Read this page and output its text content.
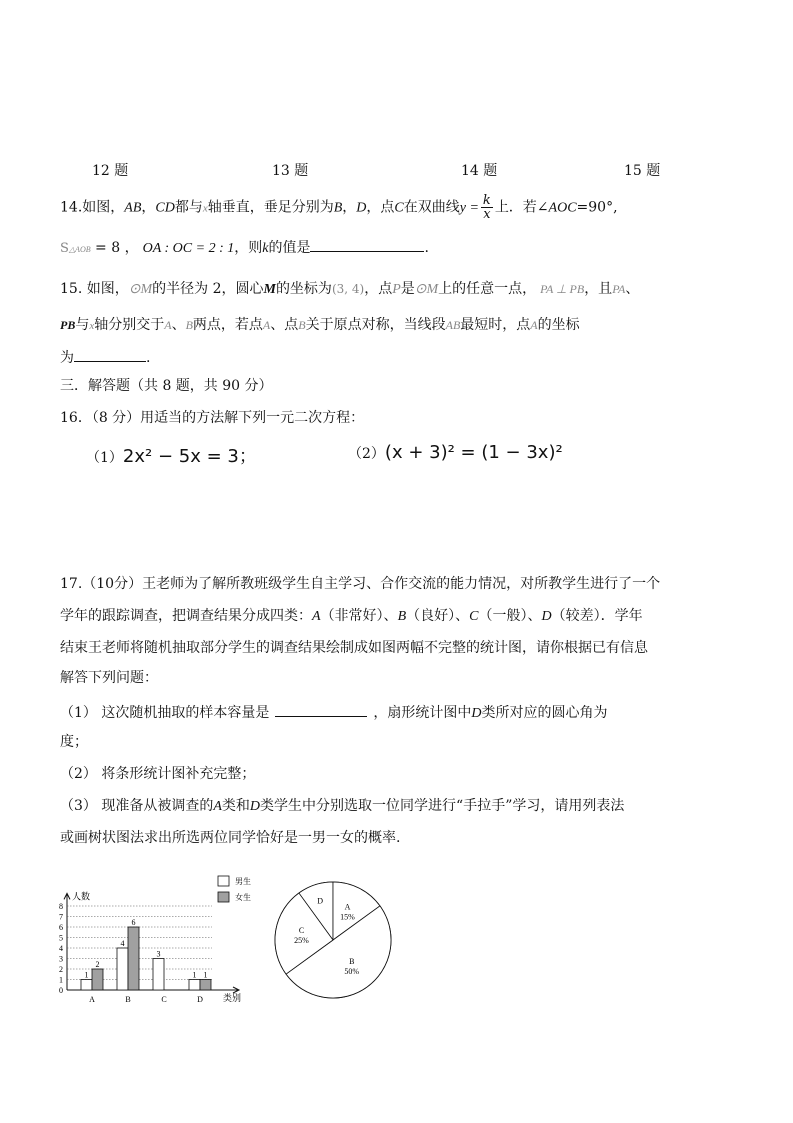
12 题	13 题	14 题	15 题
14.如图，AB，CD都与x轴垂直，垂足分别为B，D，点C在双曲线$y = \frac{k}{x}$ 上．若∠AOC=90°,
S△AOB = 8 ， OA : OC = 2 : 1，则k的值是	.
15. 如图，⊙M的半径为 2，圆心M的坐标为(3, 4)，点P是⊙M上的任意一点， PA ⊥ PB，且PA、
PB与x轴分别交于A、B两点，若点A、点B关于原点对称，当线段AB最短时，点A的坐标
为	.
三．解答题（共 8 题，共 90 分）
16．（8 分）用适当的方法解下列一元二次方程：
（1）2x² − 5x = 3；	（2）(x + 3)² = (1 − 3x)²
17.（10分）王老师为了解所教班级学生自主学习、合作交流的能力情况，对所教学生进行了一个
学年的跟踪调查，把调查结果分成四类：A（非常好）、B（良好）、C（一般）、D（较差）．学年
结束王老师将随机抽取部分学生的调查结果绘制成如图两幅不完整的统计图，请你根据已有信息
解答下列问题：
（1） 这次随机抽取的样本容量是	，扇形统计图中D类所对应的圆心角为
度；
（2） 将条形统计图补充完整；
（3） 现准备从被调查的A类和D类学生中分别选取一位同学进行“手拉手”学习，请用列表法
或画树状图法求出所选两位同学恰好是一男一女的概率.
人数
类别
0
1
2
3
4
5
6
7
8
A
1
2
B
4
6
C
3
D
1 1
男生
女生	D
A
15%
B
50%
C
25%
